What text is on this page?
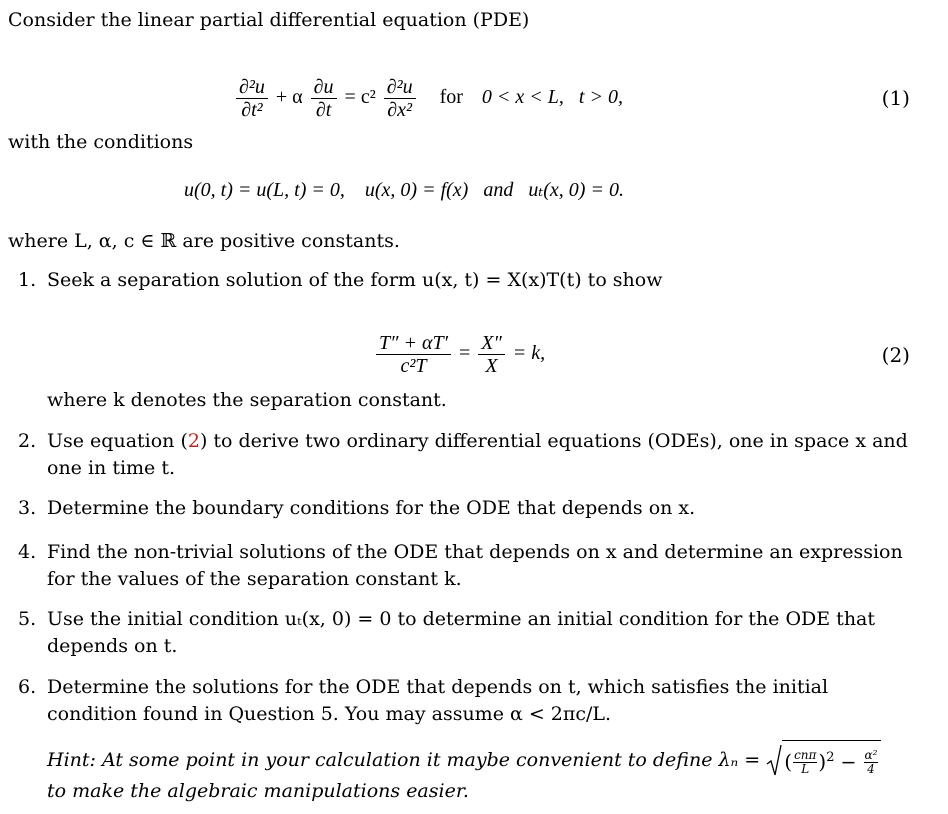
Consider the linear partial differential equation (PDE)
$\frac{\text{∂²u}}{\text{∂t²}} + \alpha \frac{\partial u}{\partial t} = c^2 \frac{\text{∂²u}}{\text{∂x²}}$ for 0 < x < L,   t > 0,	(1)
with the conditions
u(0, t) = u(L, t) = 0,    u(x, 0) = f(x)   and   uₜ(x, 0) = 0.
where L, α, c ∈ ℝ are positive constants.
1. Seek a separation solution of the form u(x, t) = X(x)T(t) to show
$\frac{T'' + \alpha T'}{\text{c²T}} = \frac{X''}{X} = k$,	(2)
where k denotes the separation constant.
2. Use equation (2) to derive two ordinary differential equations (ODEs), one in space x and one in time t.
3. Determine the boundary conditions for the ODE that depends on x.
4. Find the non-trivial solutions of the ODE that depends on x and determine an expression for the values of the separation constant k.
5. Use the initial condition uₜ(x, 0) = 0 to determine an initial condition for the ODE that depends on t.
6. Determine the solutions for the ODE that depends on t, which satisfies the initial condition found in Question 5. You may assume α < 2πc/L.
Hint: At some point in your calculation it maybe convenient to define λₙ = ( cnπ
L )$^2 - \frac{\text{α²}}{4}$

to make the algebraic manipulations easier.
